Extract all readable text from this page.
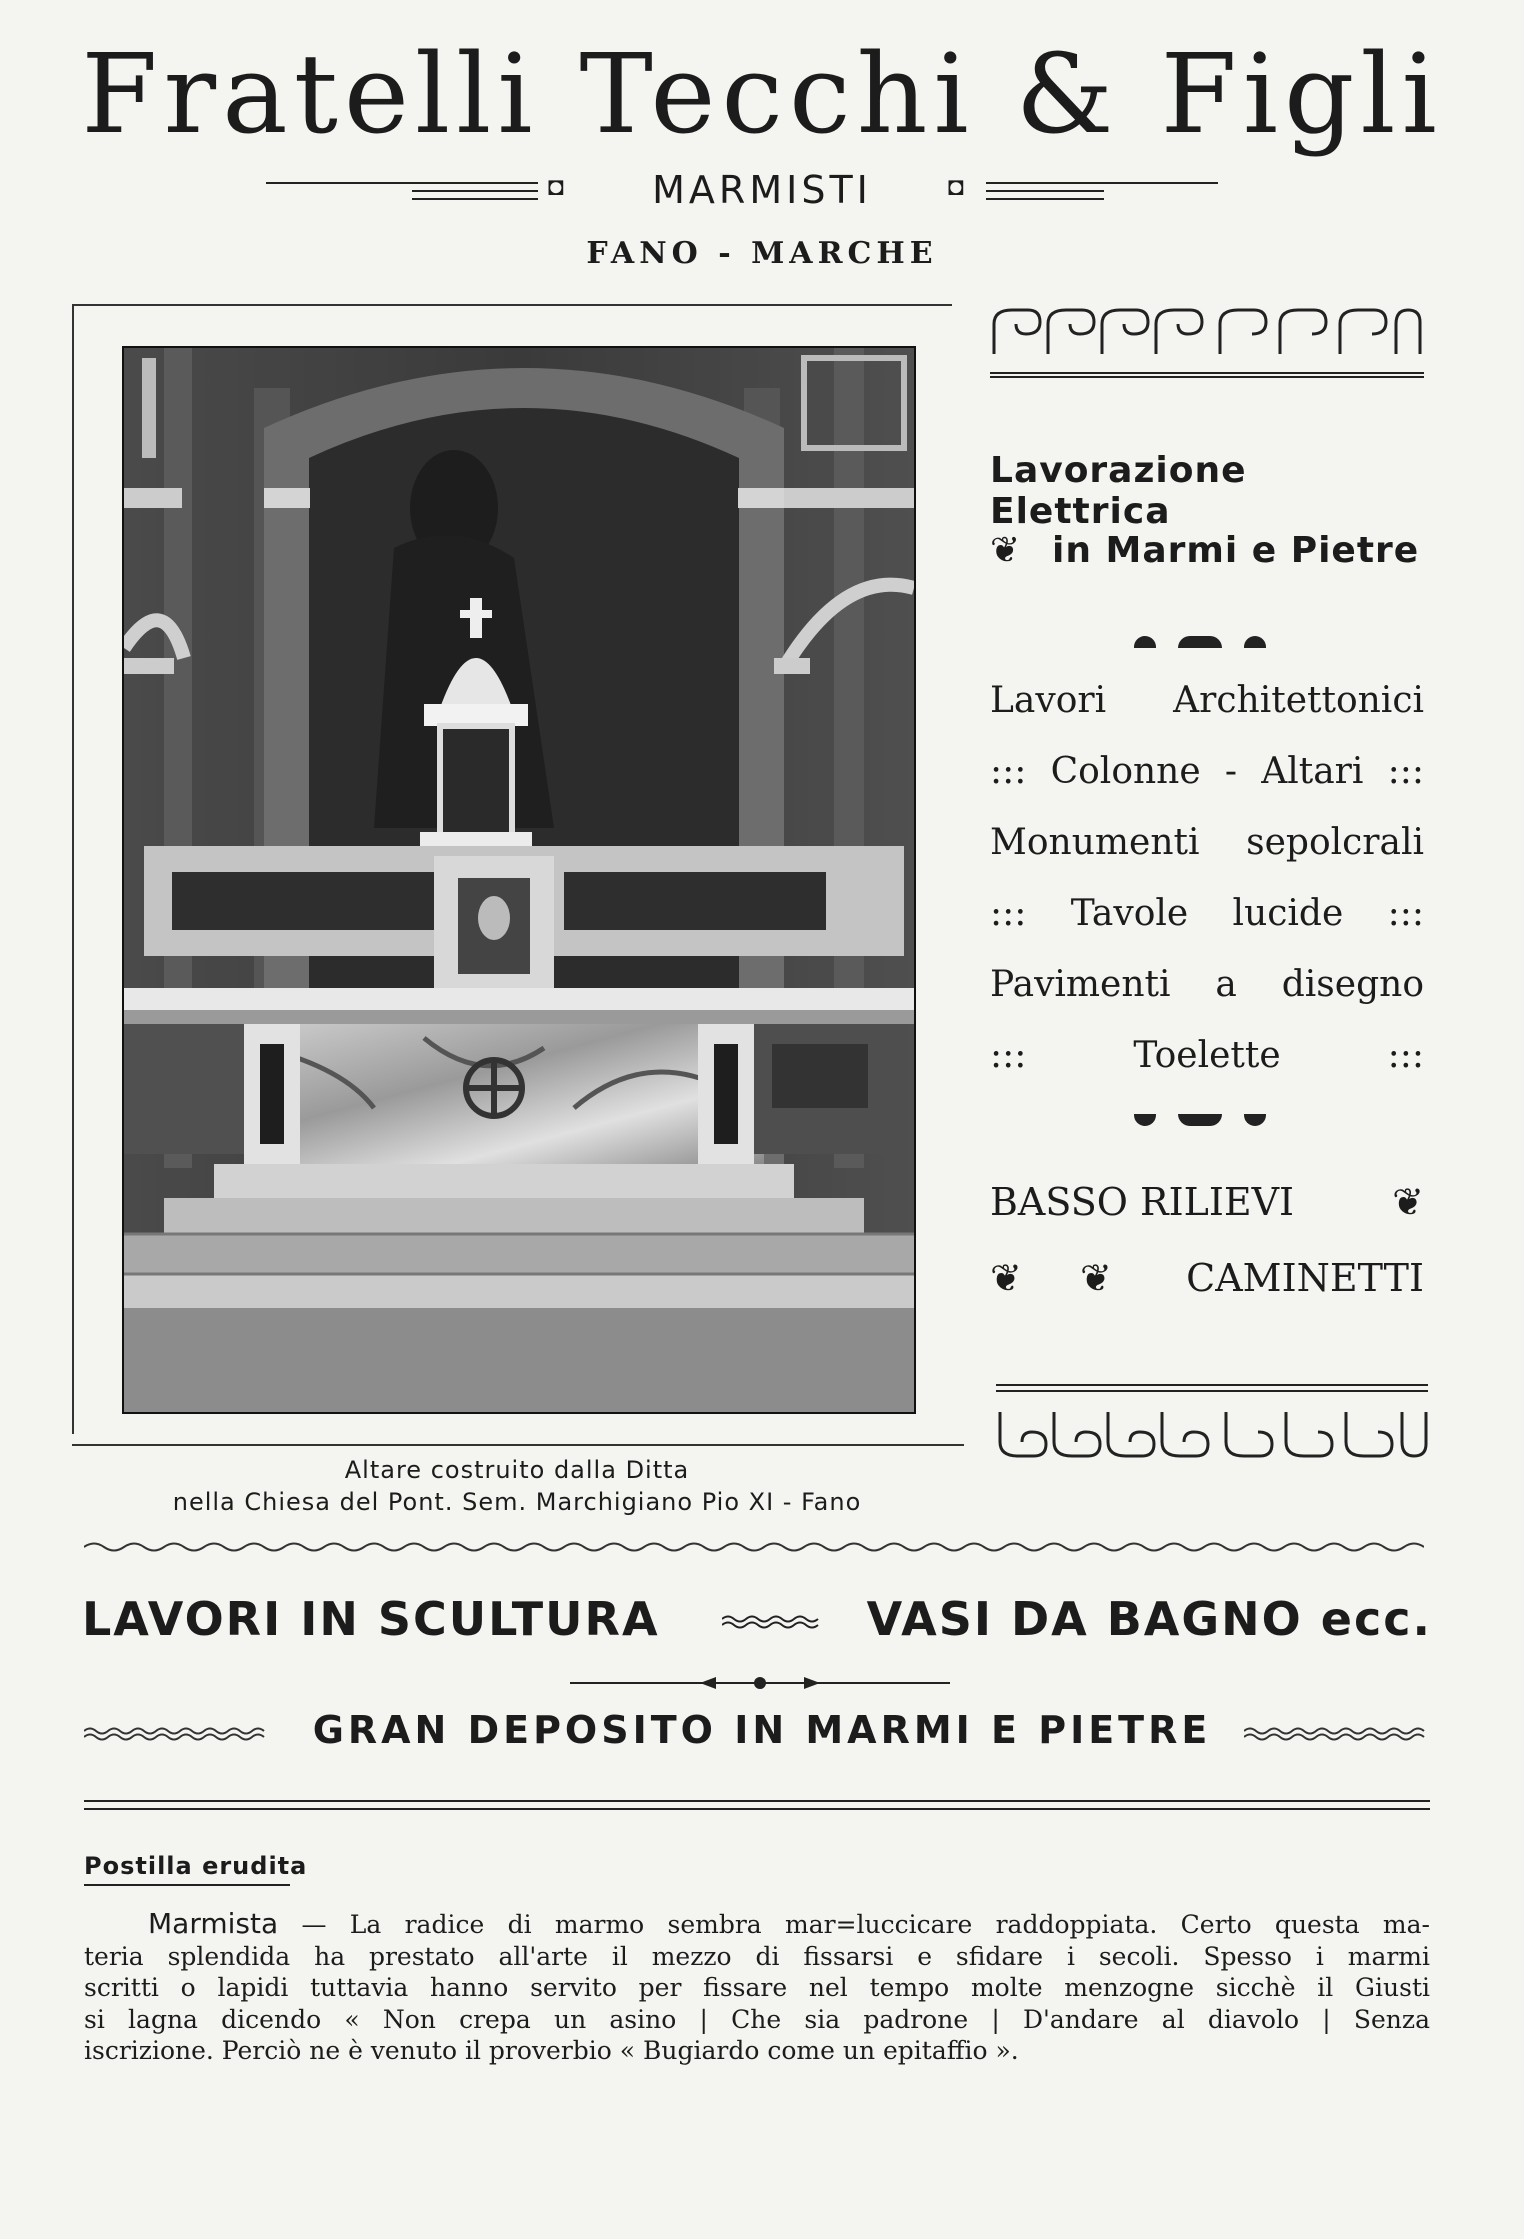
Fratelli Tecchi & Figli
◘	MARMISTI	◘
FANO - MARCHE
Altare costruito dalla Ditta
nella Chiesa del Pont. Sem. Marchigiano Pio XI - Fano
Lavorazione Elettrica
❦ in Marmi e Pietre
Lavori Architettonici
::: Colonne - Altari :::
Monumenti sepolcrali
::: Tavole lucide :::
Pavimenti a disegno
::: Toelette :::
BASSO RILIEVI	❦
❦ ❦ CAMINETTI
LAVORI IN SCULTURA	VASI DA BAGNO ecc.
GRAN DEPOSITO IN MARMI E PIETRE
Postilla erudita
Marmista — La radice di marmo sembra mar=luccicare raddoppiata. Certo questa ma-
teria splendida ha prestato all'arte il mezzo di fissarsi e sfidare i secoli. Spesso i marmi
scritti o lapidi tuttavia hanno servito per fissare nel tempo molte menzogne sicchè il Giusti
si lagna dicendo « Non crepa un asino | Che sia padrone | D'andare al diavolo | Senza
iscrizione. Perciò ne è venuto il proverbio « Bugiardo come un epitaffio ».
